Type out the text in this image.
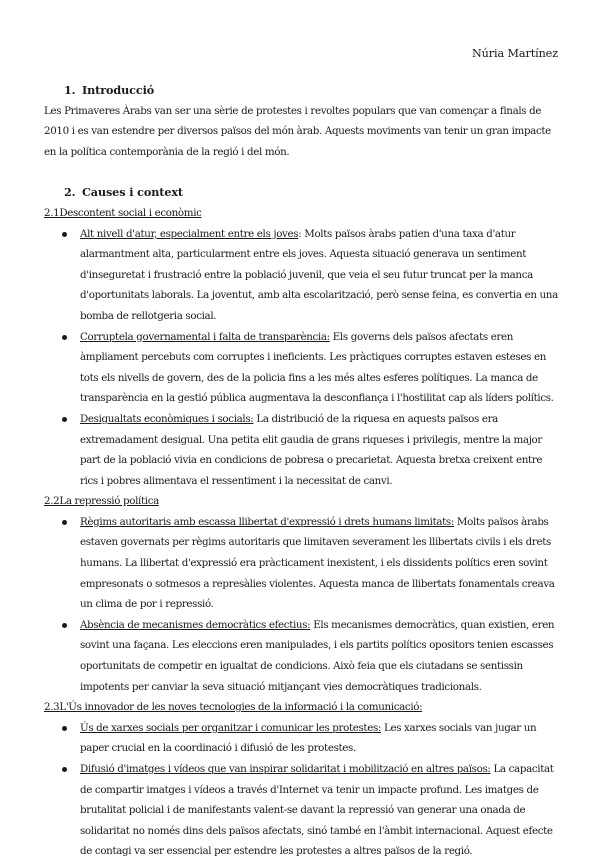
Núria Martínez
1. Introducció

Les Primaveres Àrabs van ser una sèrie de protestes i revoltes populars que van començar a finals de 2010 i es van estendre per diversos països del món àrab. Aquests moviments van tenir un gran impacte en la política contemporània de la regió i del món.

2. Causes i context

2.1Descontent social i econòmic

Alt nivell d'atur, especialment entre els joves: Molts països àrabs patien d'una taxa d'atur alarmantment alta, particularment entre els joves. Aquesta situació generava un sentiment d'inseguretat i frustració entre la població juvenil, que veia el seu futur truncat per la manca d'oportunitats laborals. La joventut, amb alta escolarització, però sense feina, es convertia en una bomba de rellotgeria social.
Corruptela governamental i falta de transparència: Els governs dels països afectats eren àmpliament percebuts com corruptes i ineficients. Les pràctiques corruptes estaven esteses en tots els nivells de govern, des de la policia fins a les més altes esferes polítiques. La manca de transparència en la gestió pública augmentava la desconfiança i l'hostilitat cap als líders polítics.
Desigualtats econòmiques i socials: La distribució de la riquesa en aquests països era extremadament desigual. Una petita elit gaudia de grans riqueses i privilegis, mentre la major part de la població vivia en condicions de pobresa o precarietat. Aquesta bretxa creixent entre rics i pobres alimentava el ressentiment i la necessitat de canvi.

2.2La repressió política

Règims autoritaris amb escassa llibertat d'expressió i drets humans limitats: Molts països àrabs estaven governats per règims autoritaris que limitaven severament les llibertats civils i els drets humans. La llibertat d'expressió era pràcticament inexistent, i els dissidents polítics eren sovint empresonats o sotmesos a represàlies violentes. Aquesta manca de llibertats fonamentals creava un clima de por i repressió.
Absència de mecanismes democràtics efectius: Els mecanismes democràtics, quan existien, eren sovint una façana. Les eleccions eren manipulades, i els partits polítics opositors tenien escasses oportunitats de competir en igualtat de condicions. Això feia que els ciutadans se sentissin impotents per canviar la seva situació mitjançant vies democràtiques tradicionals.

2.3L'Ús innovador de les noves tecnologies de la informació i la comunicació:

Ús de xarxes socials per organitzar i comunicar les protestes: Les xarxes socials van jugar un paper crucial en la coordinació i difusió de les protestes.
Difusió d'imatges i vídeos que van inspirar solidaritat i mobilització en altres països: La capacitat de compartir imatges i vídeos a través d'Internet va tenir un impacte profund. Les imatges de brutalitat policial i de manifestants valent-se davant la repressió van generar una onada de solidaritat no només dins dels països afectats, sinó també en l'àmbit internacional. Aquest efecte de contagi va ser essencial per estendre les protestes a altres països de la regió.
